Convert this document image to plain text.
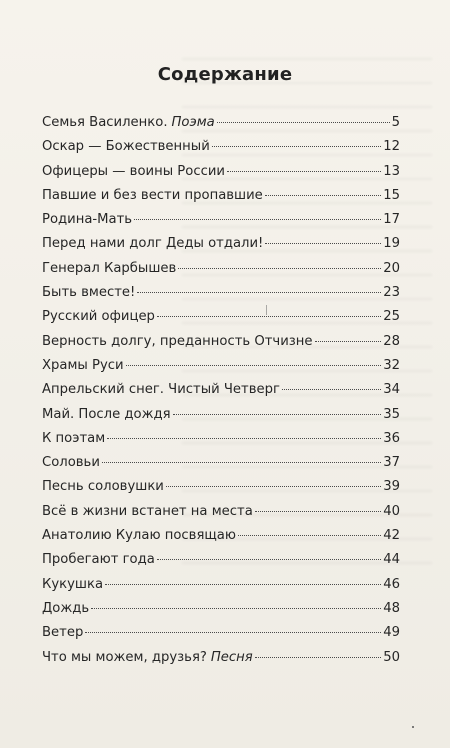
Содержание
Семья Василенко. Поэма	5
Оскар — Божественный	12
Офицеры — воины России	13
Павшие и без вести пропавшие	15
Родина-Мать	17
Перед нами долг Деды отдали!	19
Генерал Карбышев	20
Быть вместе!	23
Русский офицер	25
Верность долгу, преданность Отчизне	28
Храмы Руси	32
Апрельский снег. Чистый Четверг	34
Май. После дождя	35
К поэтам	36
Соловьи	37
Песнь соловушки	39
Всё в жизни встанет на места	40
Анатолию Кулаю посвящаю	42
Пробегают года	44
Кукушка	46
Дождь	48
Ветер	49
Что мы можем, друзья? Песня	50
